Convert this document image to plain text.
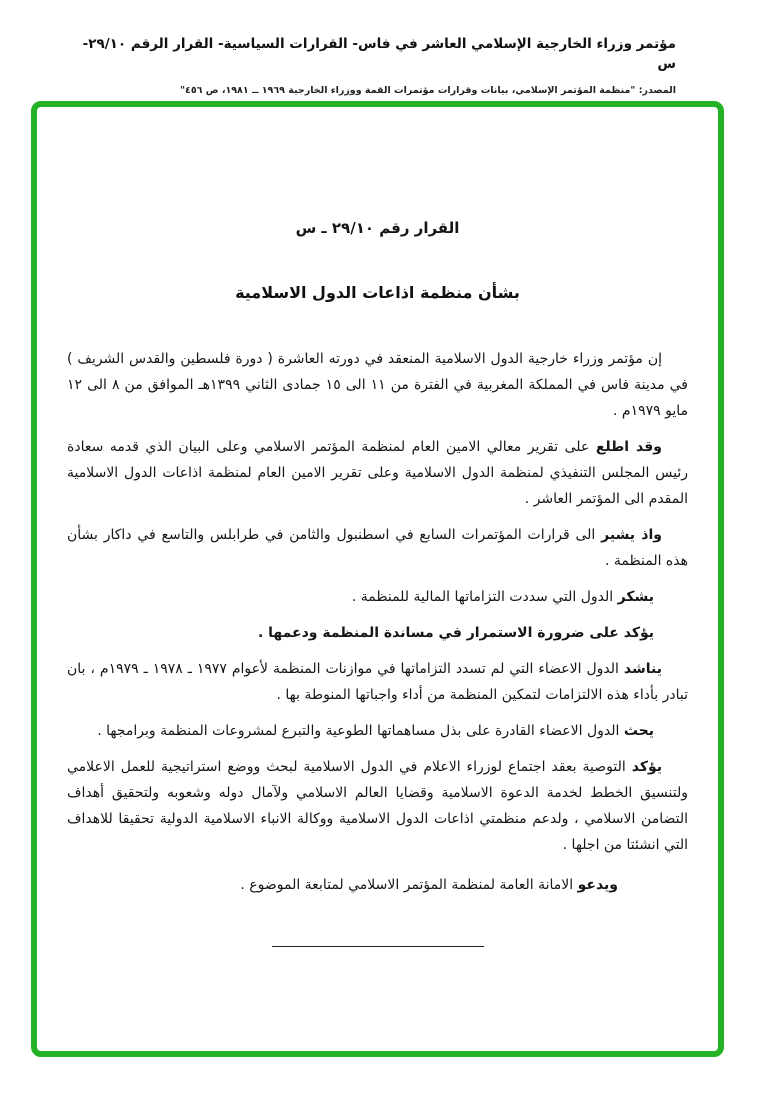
مؤتمر وزراء الخارجية الإسلامي العاشر في فاس- القرارات السياسية- القرار الرقم ٢٩/١٠- س
المصدر: "منظمة المؤتمر الإسلامي، بيانات وقرارات مؤتمرات القمة ووزراء الخارجية ١٩٦٩ ــ ١٩٨١، ص ٤٥٦"
القرار رقم ٢٩/١٠ ـ س
بشأن منظمة اذاعات الدول الاسلامية

إن مؤتمر وزراء خارجية الدول الاسلامية المنعقد في دورته العاشرة ( دورة فلسطين والقدس الشريف ) في مدينة فاس في المملكة المغربية في الفترة من ١١ الى ١٥ جمادى الثاني ١٣٩٩هـ الموافق من ٨ الى ١٢ مايو ١٩٧٩م .

وقد اطلع على تقرير معالي الامين العام لمنظمة المؤتمر الاسلامي وعلى البيان الذي قدمه سعادة رئيس المجلس التنفيذي لمنظمة الدول الاسلامية وعلى تقرير الامين العام لمنظمة اذاعات الدول الاسلامية المقدم الى المؤتمر العاشر .

واذ يشير الى قرارات المؤتمرات السابع في اسطنبول والثامن في طرابلس والتاسع في داكار بشأن هذه المنظمة .

يشكر الدول التي سددت التزاماتها المالية للمنظمة .

يؤكد على ضرورة الاستمرار في مساندة المنظمة ودعمها .

يناشد الدول الاعضاء التي لم تسدد التزاماتها في موازنات المنظمة لأعوام ١٩٧٧ ـ ١٩٧٨ ـ ١٩٧٩م ، بان تبادر بأداء هذه الالتزامات لتمكين المنظمة من أداء واجباتها المنوطة بها .

يحث الدول الاعضاء القادرة على بذل مساهماتها الطوعية والتبرع لمشروعات المنظمة وبرامجها .

يؤكد التوصية بعقد اجتماع لوزراء الاعلام في الدول الاسلامية لبحث ووضع استراتيجية للعمل الاعلامي ولتنسيق الخطط لخدمة الدعوة الاسلامية وقضايا العالم الاسلامي ولآمال دوله وشعوبه ولتحقيق أهداف التضامن الاسلامي ، ولدعم منظمتي اذاعات الدول الاسلامية ووكالة الانباء الاسلامية الدولية تحقيقا للاهداف التي انشئتا من اجلها .

ويدعو الامانة العامة لمنظمة المؤتمر الاسلامي لمتابعة الموضوع .
